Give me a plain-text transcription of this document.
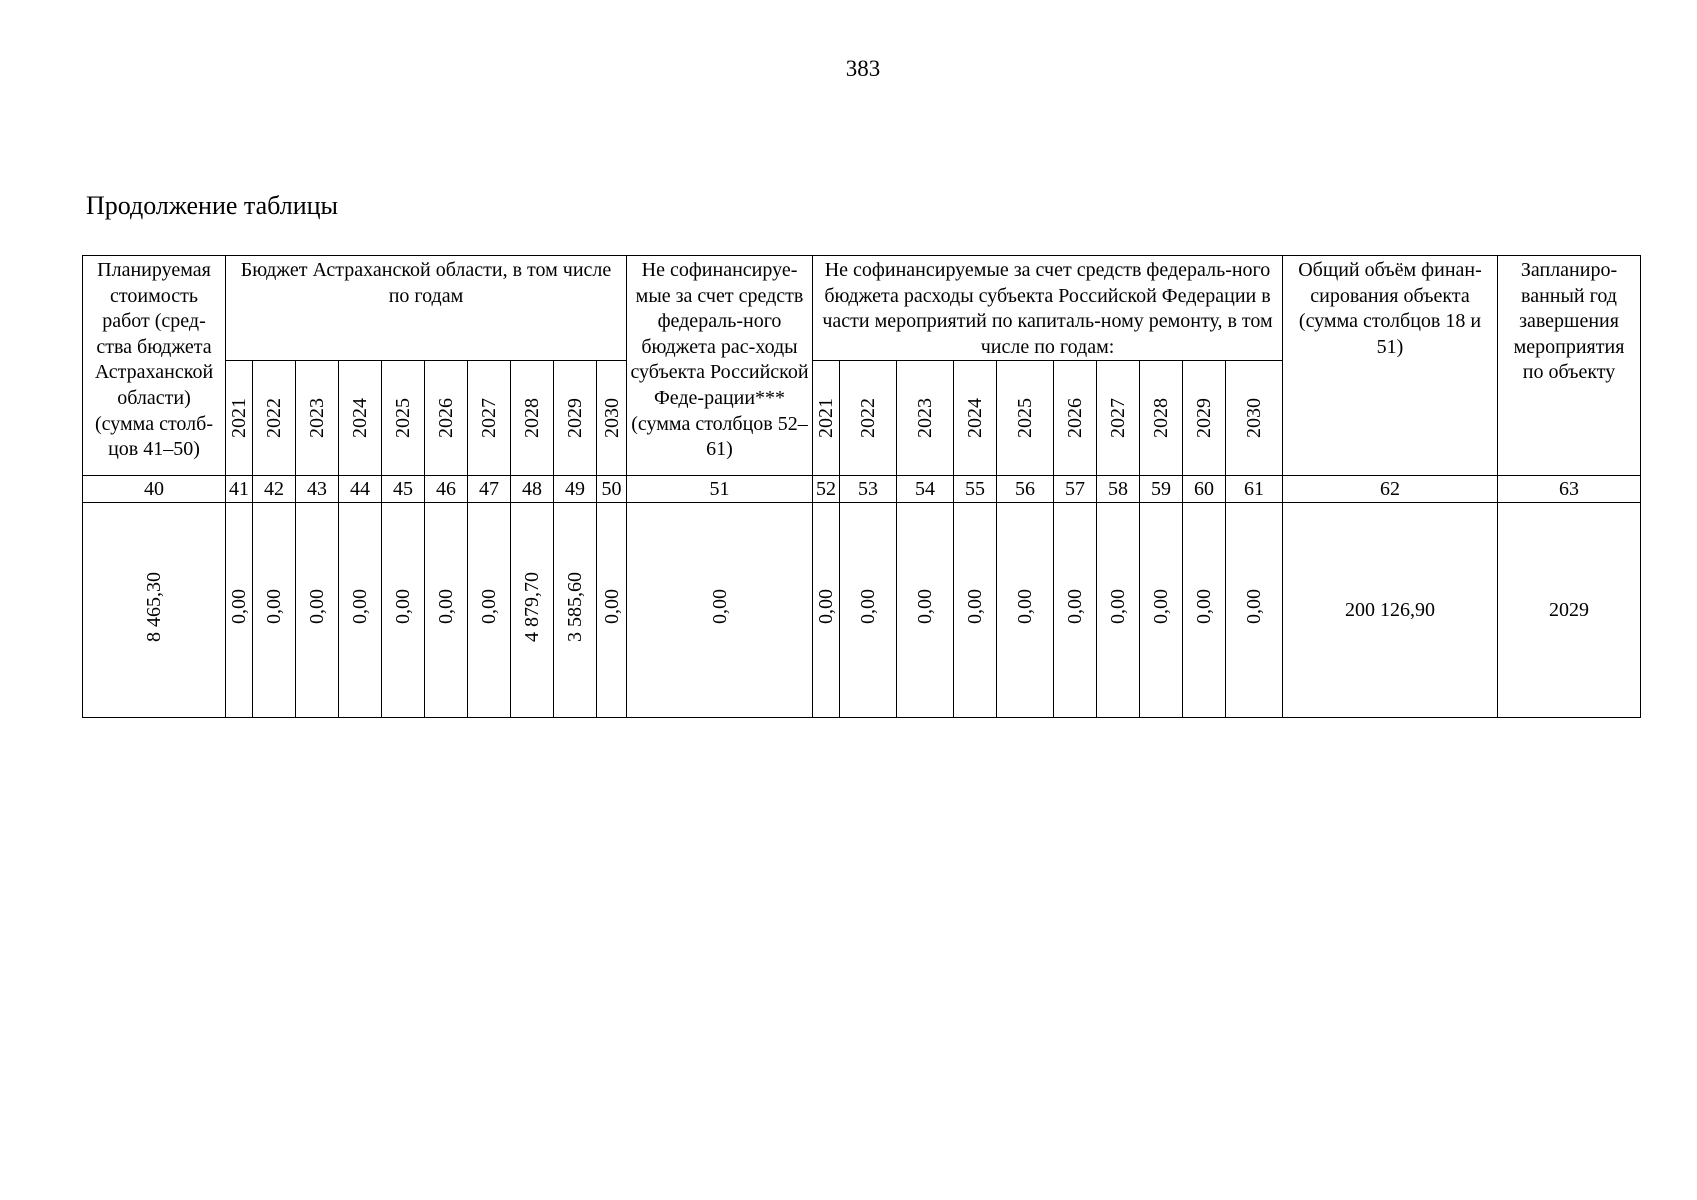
383
Продолжение таблицы
Планируемая стоимость работ (сред-ства бюджета Астраханской области) (сумма столб-цов 41–50)	Бюджет Астраханской области, в том числе по годам										Не софинансируе-мые за счет средств федераль-ного бюджета рас-ходы субъекта Российской Феде-рации*** (сумма столбцов 52–61)	Не софинансируемые за счет средств федераль-ного бюджета расходы субъекта Российской Федерации в части мероприятий по капиталь-ному ремонту, в том числе по годам:										Общий объём финан-сирования объекта (сумма столбцов 18 и 51)	Запланиро-ванный год завершения мероприятия по объекту
	2021	2022	2023	2024	2025	2026	2027	2028	2029	2030		2021	2022	2023	2024	2025	2026	2027	2028	2029	2030		
40	41	42	43	44	45	46	47	48	49	50	51	52	53	54	55	56	57	58	59	60	61	62	63
8 465,30	0,00	0,00	0,00	0,00	0,00	0,00	0,00	4 879,70	3 585,60	0,00	0,00	0,00	0,00	0,00	0,00	0,00	0,00	0,00	0,00	0,00	0,00	200 126,90	2029
